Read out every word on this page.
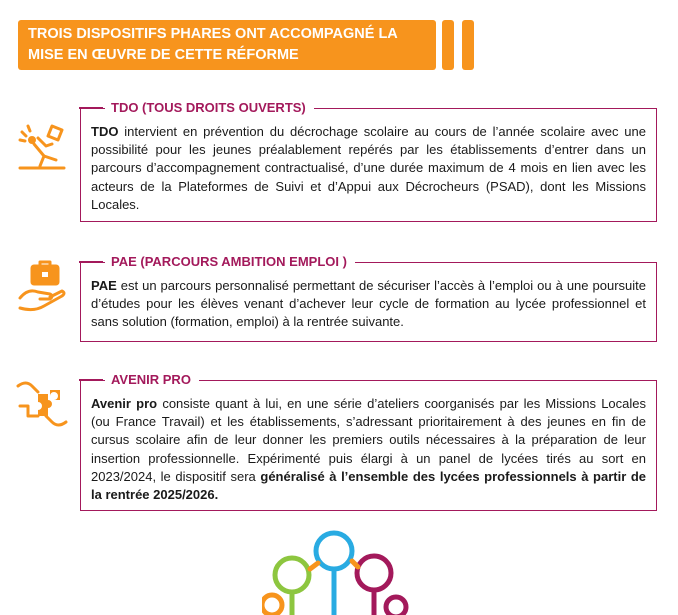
TROIS DISPOSITIFS PHARES ONT ACCOMPAGNÉ LA
MISE EN ŒUVRE DE CETTE RÉFORME
TDO (TOUS DROITS OUVERTS)

TDO intervient en prévention du décrochage scolaire au cours de l’année scolaire avec une possibilité pour les jeunes préalablement repérés par les établissements d’entrer dans un parcours d’accompagnement contractualisé, d’une durée maximum de 4 mois en lien avec les acteurs de la Plateformes de Suivi et d’Appui aux Décrocheurs (PSAD), dont les Missions Locales.

PAE (PARCOURS AMBITION EMPLOI )

PAE est un parcours personnalisé permettant de sécuriser l’accès à l’emploi ou à une poursuite d’études pour les élèves venant d’achever leur cycle de formation au lycée professionnel et sans solution (formation, emploi) à la rentrée suivante.

AVENIR PRO

Avenir pro consiste quant à lui, en une série d’ateliers coorganisés par les Missions Locales (ou France Travail) et les établissements, s’adressant prioritairement à des jeunes en fin de cursus scolaire afin de leur donner les premiers outils nécessaires à la préparation de leur insertion professionnelle. Expérimenté puis élargi à un panel de lycées tirés au sort en 2023/2024, le dispositif sera généralisé à l’ensemble des lycées professionnels à partir de la rentrée 2025/2026.
